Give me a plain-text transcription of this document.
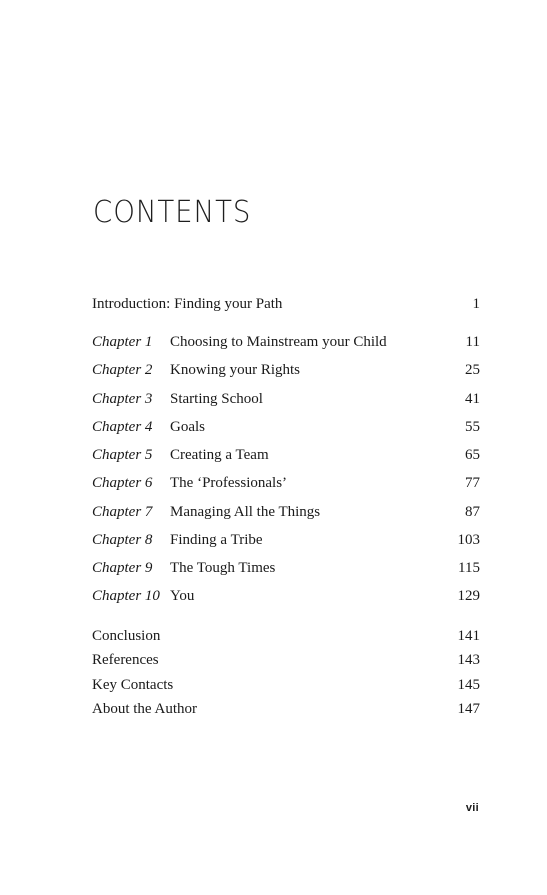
CONTENTS
Introduction: Finding your Path	1
Chapter 1 Choosing to Mainstream your Child	11
Chapter 2 Knowing your Rights	25
Chapter 3 Starting School	41
Chapter 4 Goals	55
Chapter 5 Creating a Team	65
Chapter 6 The ‘Professionals’	77
Chapter 7 Managing All the Things	87
Chapter 8 Finding a Tribe	103
Chapter 9 The Tough Times	115
Chapter 10 You	129
Conclusion	141
References	143
Key Contacts	145
About the Author	147
vii
